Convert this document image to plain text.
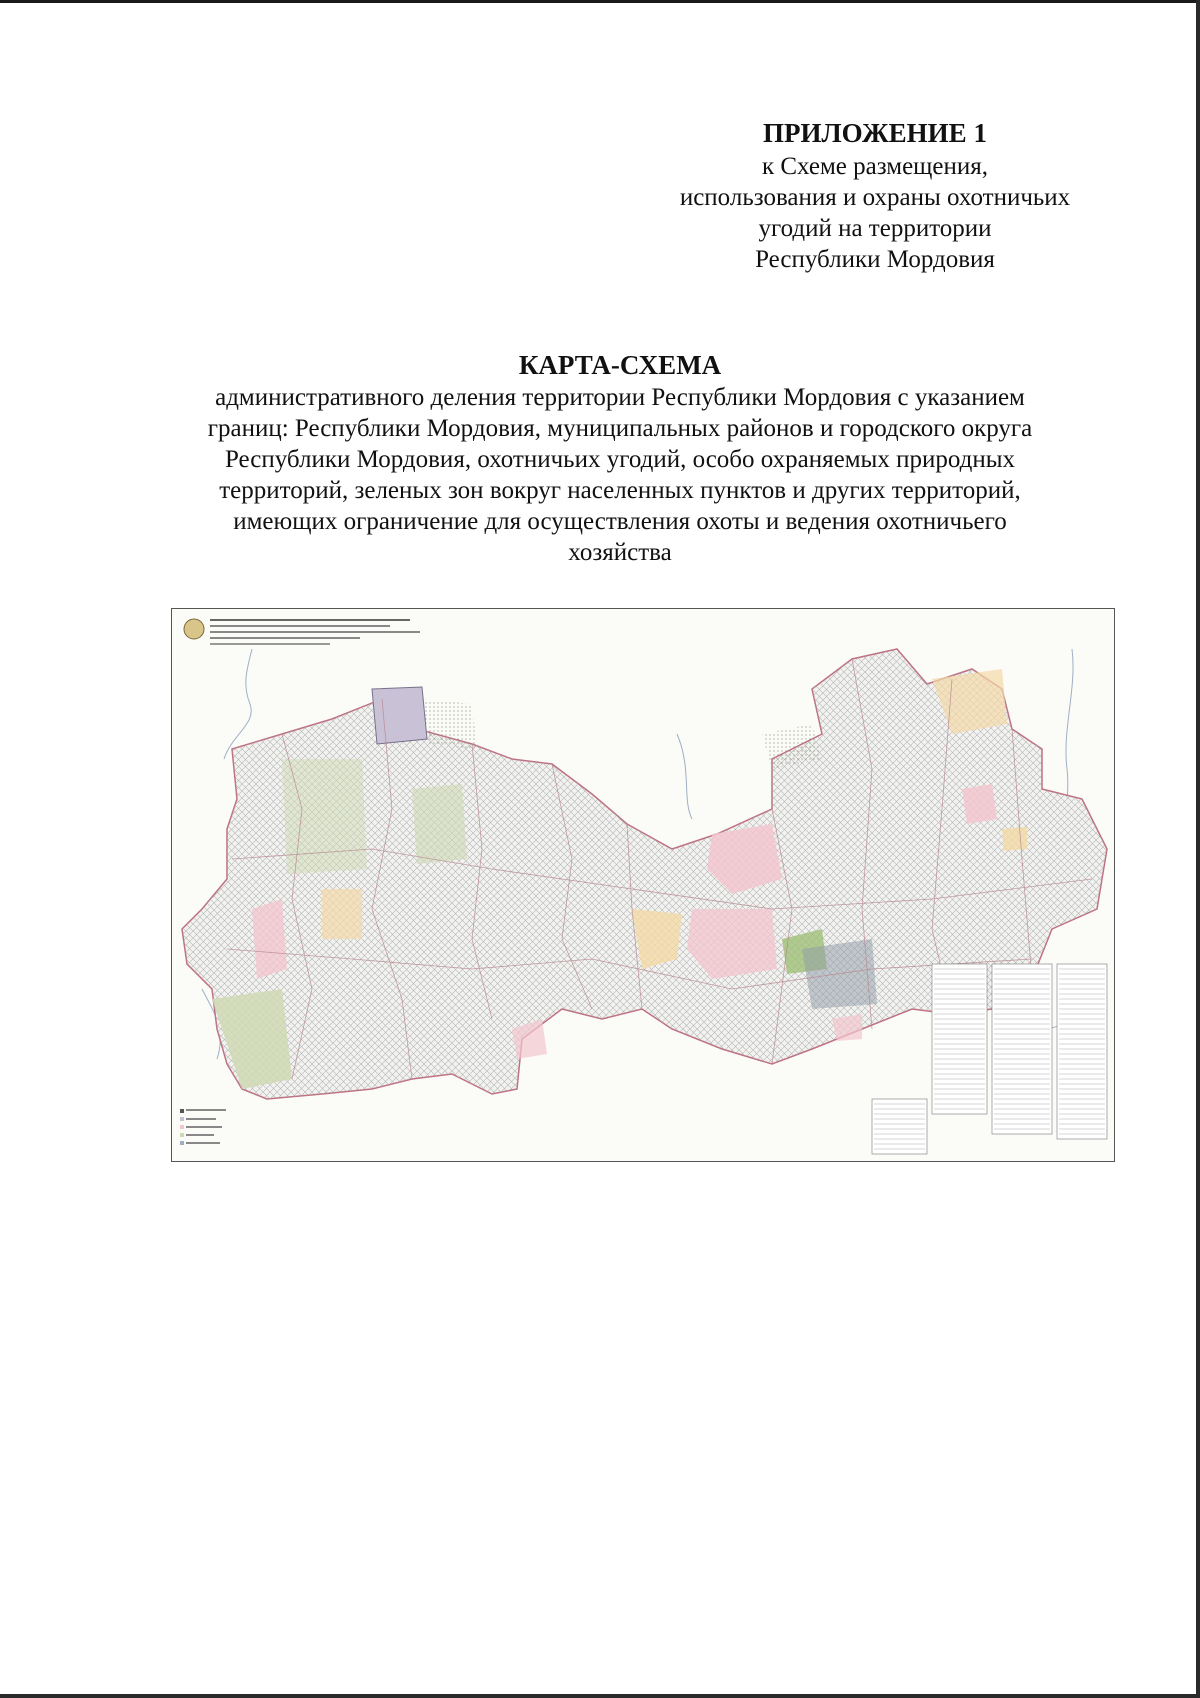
ПРИЛОЖЕНИЕ 1
к Схеме размещения,
использования и охраны охотничьих
угодий на территории
Республики Мордовия
КАРТА-СХЕМА
административного деления территории Республики Мордовия с указанием
границ: Республики Мордовия, муниципальных районов и городского округа
Республики Мордовия, охотничьих угодий, особо охраняемых природных
территорий, зеленых зон вокруг населенных пунктов и других территорий,
имеющих ограничение для осуществления охоты и ведения охотничьего
хозяйства
